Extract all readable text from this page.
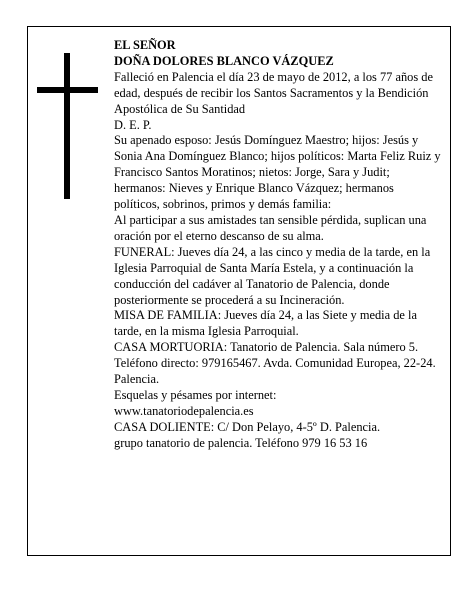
EL SEÑOR

DOÑA DOLORES BLANCO VÁZQUEZ

Falleció en Palencia el día 23 de mayo de 2012, a los 77 años de edad, después de recibir los Santos Sacramentos y la Bendición Apostólica de Su Santidad

D. E. P.

Su apenado esposo: Jesús Domínguez Maestro; hijos: Jesús y Sonia Ana Domínguez Blanco; hijos políticos: Marta Feliz Ruiz y Francisco Santos Moratinos; nietos: Jorge, Sara y Judit; hermanos: Nieves y Enrique Blanco Vázquez; hermanos políticos, sobrinos, primos y demás familia:

Al participar a sus amistades tan sensible pérdida, suplican una oración por el eterno descanso de su alma.

FUNERAL: Jueves día 24, a las cinco y media de la tarde, en la Iglesia Parroquial de Santa María Estela, y a continuación la conducción del cadáver al Tanatorio de Palencia, donde posteriormente se procederá a su Incineración.

MISA DE FAMILIA: Jueves día 24, a las Siete y media de la tarde, en la misma Iglesia Parroquial.

CASA MORTUORIA: Tanatorio de Palencia. Sala número 5. Teléfono directo: 979165467. Avda. Comunidad Europea, 22-24. Palencia.

Esquelas y pésames por internet:

www.tanatoriodepalencia.es

CASA DOLIENTE: C/ Don Pelayo, 4-5º D. Palencia.

grupo tanatorio de palencia. Teléfono 979 16 53 16
